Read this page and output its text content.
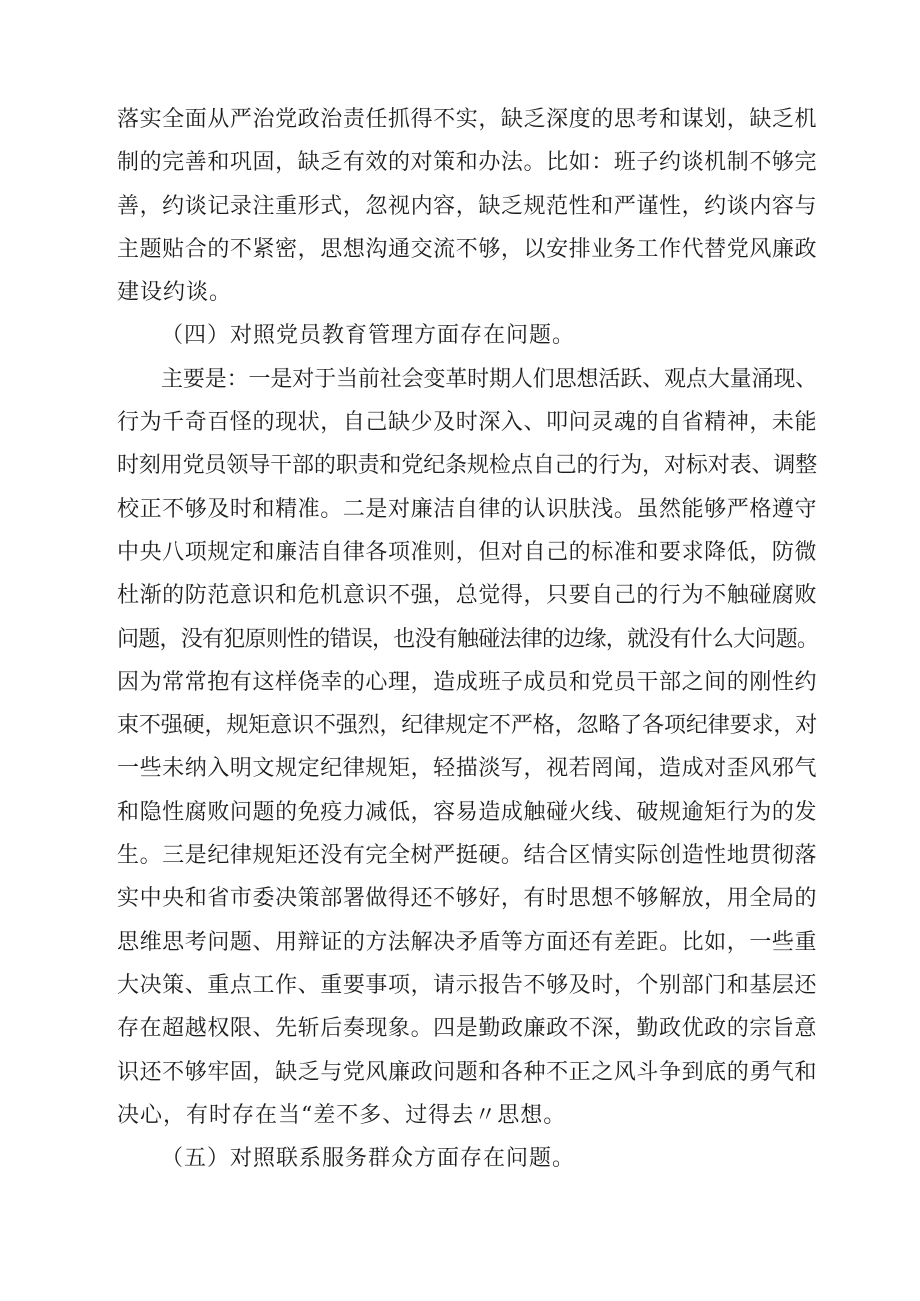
落实全面从严治党政治责任抓得不实，缺乏深度的思考和谋划，缺乏机
制的完善和巩固，缺乏有效的对策和办法。比如：班子约谈机制不够完
善，约谈记录注重形式，忽视内容，缺乏规范性和严谨性，约谈内容与
主题贴合的不紧密，思想沟通交流不够，以安排业务工作代替党风廉政
建设约谈。
（四）对照党员教育管理方面存在问题。
主要是：一是对于当前社会变革时期人们思想活跃、观点大量涌现、
行为千奇百怪的现状，自己缺少及时深入、叩问灵魂的自省精神，未能
时刻用党员领导干部的职责和党纪条规检点自己的行为，对标对表、调整
校正不够及时和精准。二是对廉洁自律的认识肤浅。虽然能够严格遵守
中央八项规定和廉洁自律各项准则，但对自己的标准和要求降低，防微
杜渐的防范意识和危机意识不强，总觉得，只要自己的行为不触碰腐败
问题，没有犯原则性的错误，也没有触碰法律的边缘，就没有什么大问题。
因为常常抱有这样侥幸的心理，造成班子成员和党员干部之间的刚性约
束不强硬，规矩意识不强烈，纪律规定不严格，忽略了各项纪律要求，对
一些未纳入明文规定纪律规矩，轻描淡写，视若罔闻，造成对歪风邪气
和隐性腐败问题的免疫力减低，容易造成触碰火线、破规逾矩行为的发
生。三是纪律规矩还没有完全树严挺硬。结合区情实际创造性地贯彻落
实中央和省市委决策部署做得还不够好，有时思想不够解放，用全局的
思维思考问题、用辩证的方法解决矛盾等方面还有差距。比如，一些重
大决策、重点工作、重要事项，请示报告不够及时，个别部门和基层还
存在超越权限、先斩后奏现象。四是勤政廉政不深，勤政优政的宗旨意
识还不够牢固，缺乏与党风廉政问题和各种不正之风斗争到底的勇气和
决心，有时存在当“差不多、过得去〃思想。
（五）对照联系服务群众方面存在问题。
